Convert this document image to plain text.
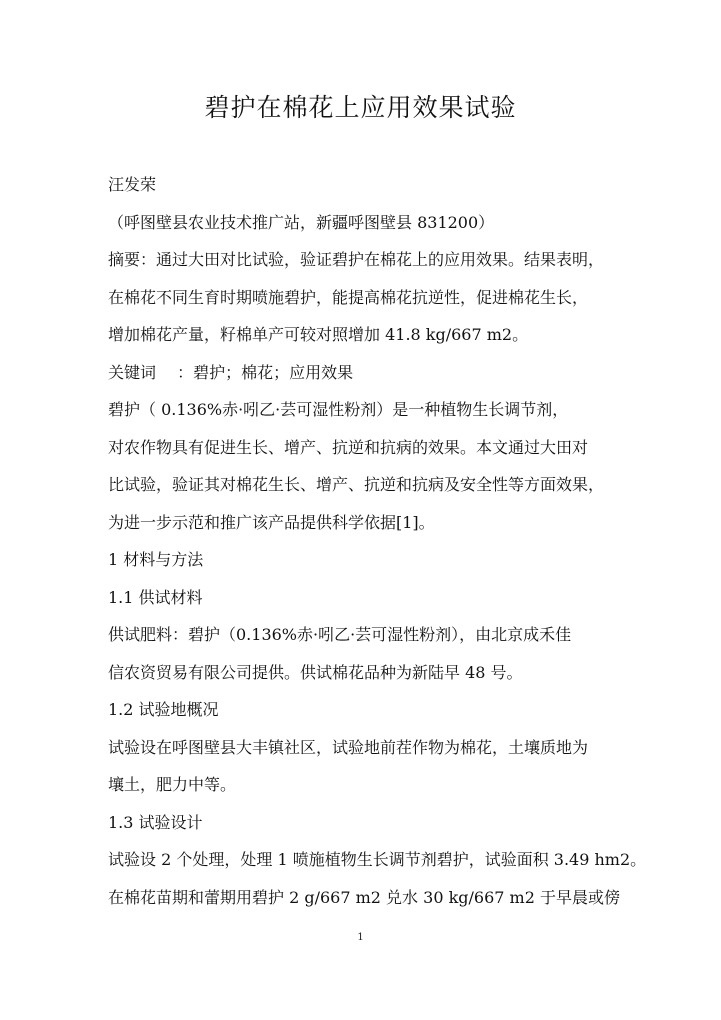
碧护在棉花上应用效果试验
汪发荣
（呼图壁县农业技术推广站，新疆呼图壁县 831200）
摘要：通过大田对比试验，验证碧护在棉花上的应用效果。结果表明，
在棉花不同生育时期喷施碧护，能提高棉花抗逆性，促进棉花生长，
增加棉花产量，籽棉单产可较对照增加 41.8 kg/667 m2。
关键词　 ：碧护；棉花；应用效果
碧护（ 0.136%赤·吲乙·芸可湿性粉剂）是一种植物生长调节剂，
对农作物具有促进生长、增产、抗逆和抗病的效果。本文通过大田对
比试验，验证其对棉花生长、增产、抗逆和抗病及安全性等方面效果，
为进一步示范和推广该产品提供科学依据[1]。
1 材料与方法
1.1 供试材料
供试肥料：碧护（0.136%赤·吲乙·芸可湿性粉剂），由北京成禾佳
信农资贸易有限公司提供。供试棉花品种为新陆早 48 号。
1.2 试验地概况
试验设在呼图壁县大丰镇社区，试验地前茬作物为棉花，土壤质地为
壤土，肥力中等。
1.3 试验设计
试验设 2 个处理，处理 1 喷施植物生长调节剂碧护，试验面积 3.49 hm2。
在棉花苗期和蕾期用碧护 2 g/667 m2 兑水 30 kg/667 m2 于早晨或傍
1
